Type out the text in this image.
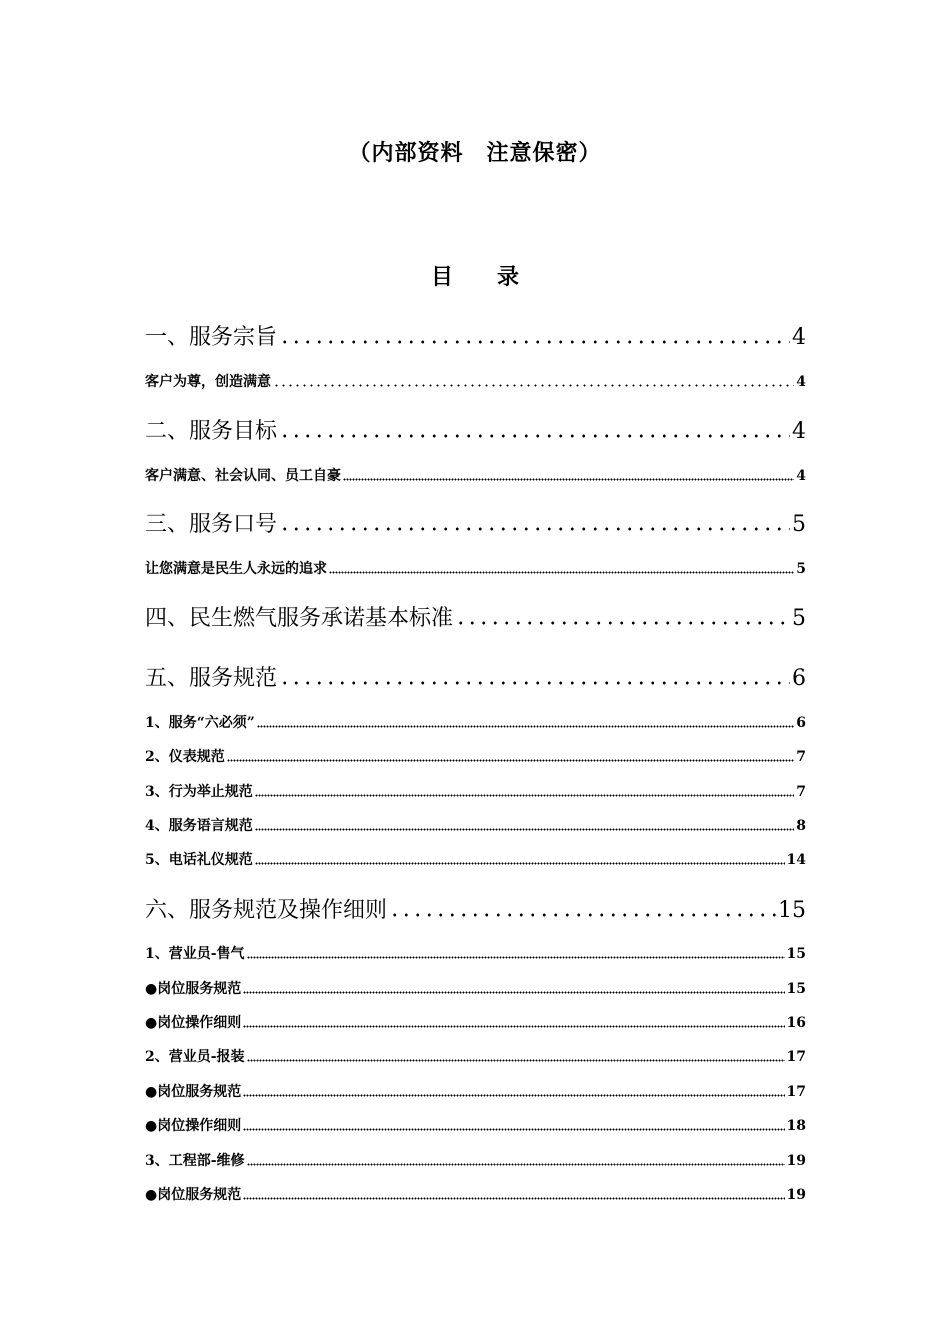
（内部资料　注意保密）
目　　录
一、服务宗旨	4
客户为尊，创造满意	4
二、服务目标	4
客户满意、社会认同、员工自豪	4
三、服务口号	5
让您满意是民生人永远的追求	5
四、民生燃气服务承诺基本标准	5
五、服务规范	6
1、服务“六必须”	6
2、仪表规范	7
3、行为举止规范	7
4、服务语言规范	8
5、电话礼仪规范	14
六、服务规范及操作细则	15
1、营业员-售气	15
●岗位服务规范	15
●岗位操作细则	16
2、营业员-报装	17
●岗位服务规范	17
●岗位操作细则	18
3、工程部-维修	19
●岗位服务规范	19
